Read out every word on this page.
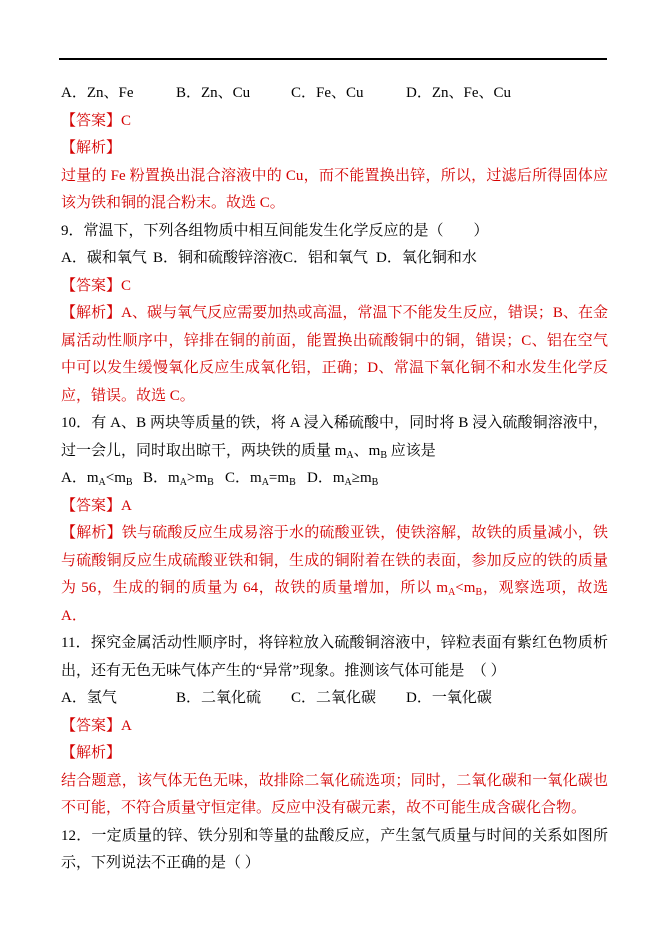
A．Zn、Fe	B．Zn、Cu	C．Fe、Cu	D．Zn、Fe、Cu

【答案】C

【解析】

过量的 Fe 粉置换出混合溶液中的 Cu，而不能置换出锌，所以，过滤后所得固体应该为铁和铜的混合粉末。故选 C。

9．常温下，下列各组物质中相互间能发生化学反应的是（　　）

A．碳和氧气 B．铜和硫酸锌溶液 C．铝和氧气 D．氧化铜和水

【答案】C

【解析】A、碳与氧气反应需要加热或高温，常温下不能发生反应，错误；B、在金属活动性顺序中，锌排在铜的前面，能置换出硫酸铜中的铜，错误；C、铝在空气中可以发生缓慢氧化反应生成氧化铝，正确；D、常温下氧化铜不和水发生化学反应，错误。故选 C。

10．有 A、B 两块等质量的铁，将 A 浸入稀硫酸中，同时将 B 浸入硫酸铜溶液中，过一会儿，同时取出晾干，两块铁的质量 $m_A$、$m_B$ 应该是

A．$m_A<m_B$ B．$m_A>m_B$ C．$m_A=m_B$ D．$m_A\ge m_B$

【答案】A

【解析】铁与硫酸反应生成易溶于水的硫酸亚铁，使铁溶解，故铁的质量减小，铁与硫酸铜反应生成硫酸亚铁和铜，生成的铜附着在铁的表面，参加反应的铁的质量为 56，生成的铜的质量为 64，故铁的质量增加，所以 $m_A<m_B$，观察选项，故选 A．

11．探究金属活动性顺序时，将锌粒放入硫酸铜溶液中，锌粒表面有紫红色物质析出，还有无色无味气体产生的“异常”现象。推测该气体可能是　（ ）

A．氢气	B．二氧化硫	C．二氧化碳	D．一氧化碳

【答案】A

【解析】

结合题意，该气体无色无味，故排除二氧化硫选项；同时，二氧化碳和一氧化碳也不可能，不符合质量守恒定律。反应中没有碳元素，故不可能生成含碳化合物。

12．一定质量的锌、铁分别和等量的盐酸反应，产生氢气质量与时间的关系如图所示，下列说法不正确的是（ ）
